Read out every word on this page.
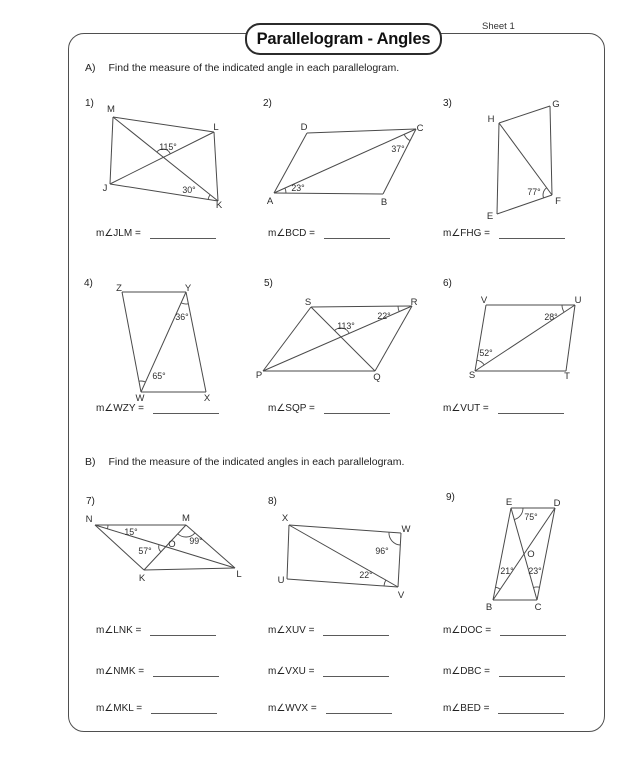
Sheet 1
Parallelogram - Angles
A) Find the measure of the indicated angle in each parallelogram.
1)	2)	3)
4)	5)	6)
7)	8)	9)
M
L
K
J
115°
30°
D	C
A	B
23°
37°
H
G
F
E
77°
Z	Y
W	X
36°
65°
S	R
P	Q
113°
22°
V	U
S	T
28°
52°
B) Find the measure of the indicated angles in each parallelogram.
N	M
K	L
O
15°
57°
99°
X
W
U
V
96°
22°
E	D
B	C
O
75°
21° 23°
m∠JLM =	m∠BCD =	m∠FHG =
m∠WZY =	m∠SQP =	m∠VUT =
m∠LNK =
m∠NMK =
m∠MKL =
m∠XUV =
m∠VXU =
m∠WVX =
m∠DOC =
m∠DBC =
m∠BED =
